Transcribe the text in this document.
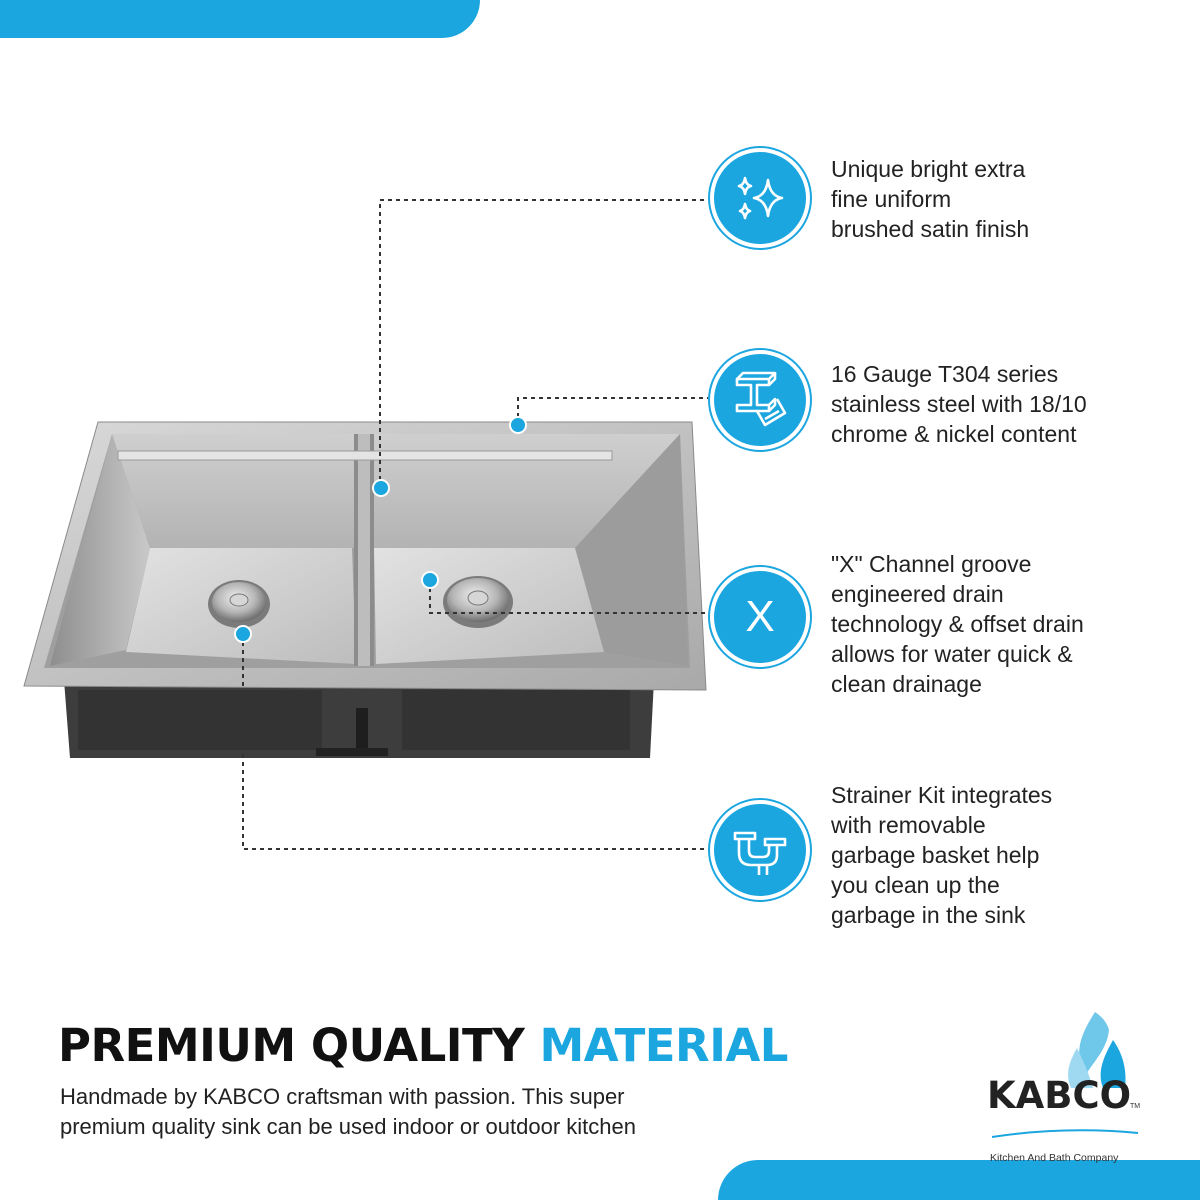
Unique bright extra
fine uniform
brushed satin finish
16 Gauge T304 series
stainless steel with 18/10
chrome & nickel content
X
"X" Channel groove
engineered drain
technology & offset drain
allows for water quick &
clean drainage
Strainer Kit integrates
with removable
garbage basket help
you clean up the
garbage in the sink
PREMIUM QUALITY MATERIAL
Handmade by KABCO craftsman with passion. This super
premium quality sink can be used indoor or outdoor kitchen
KABCO
TM
Kitchen And Bath Company
